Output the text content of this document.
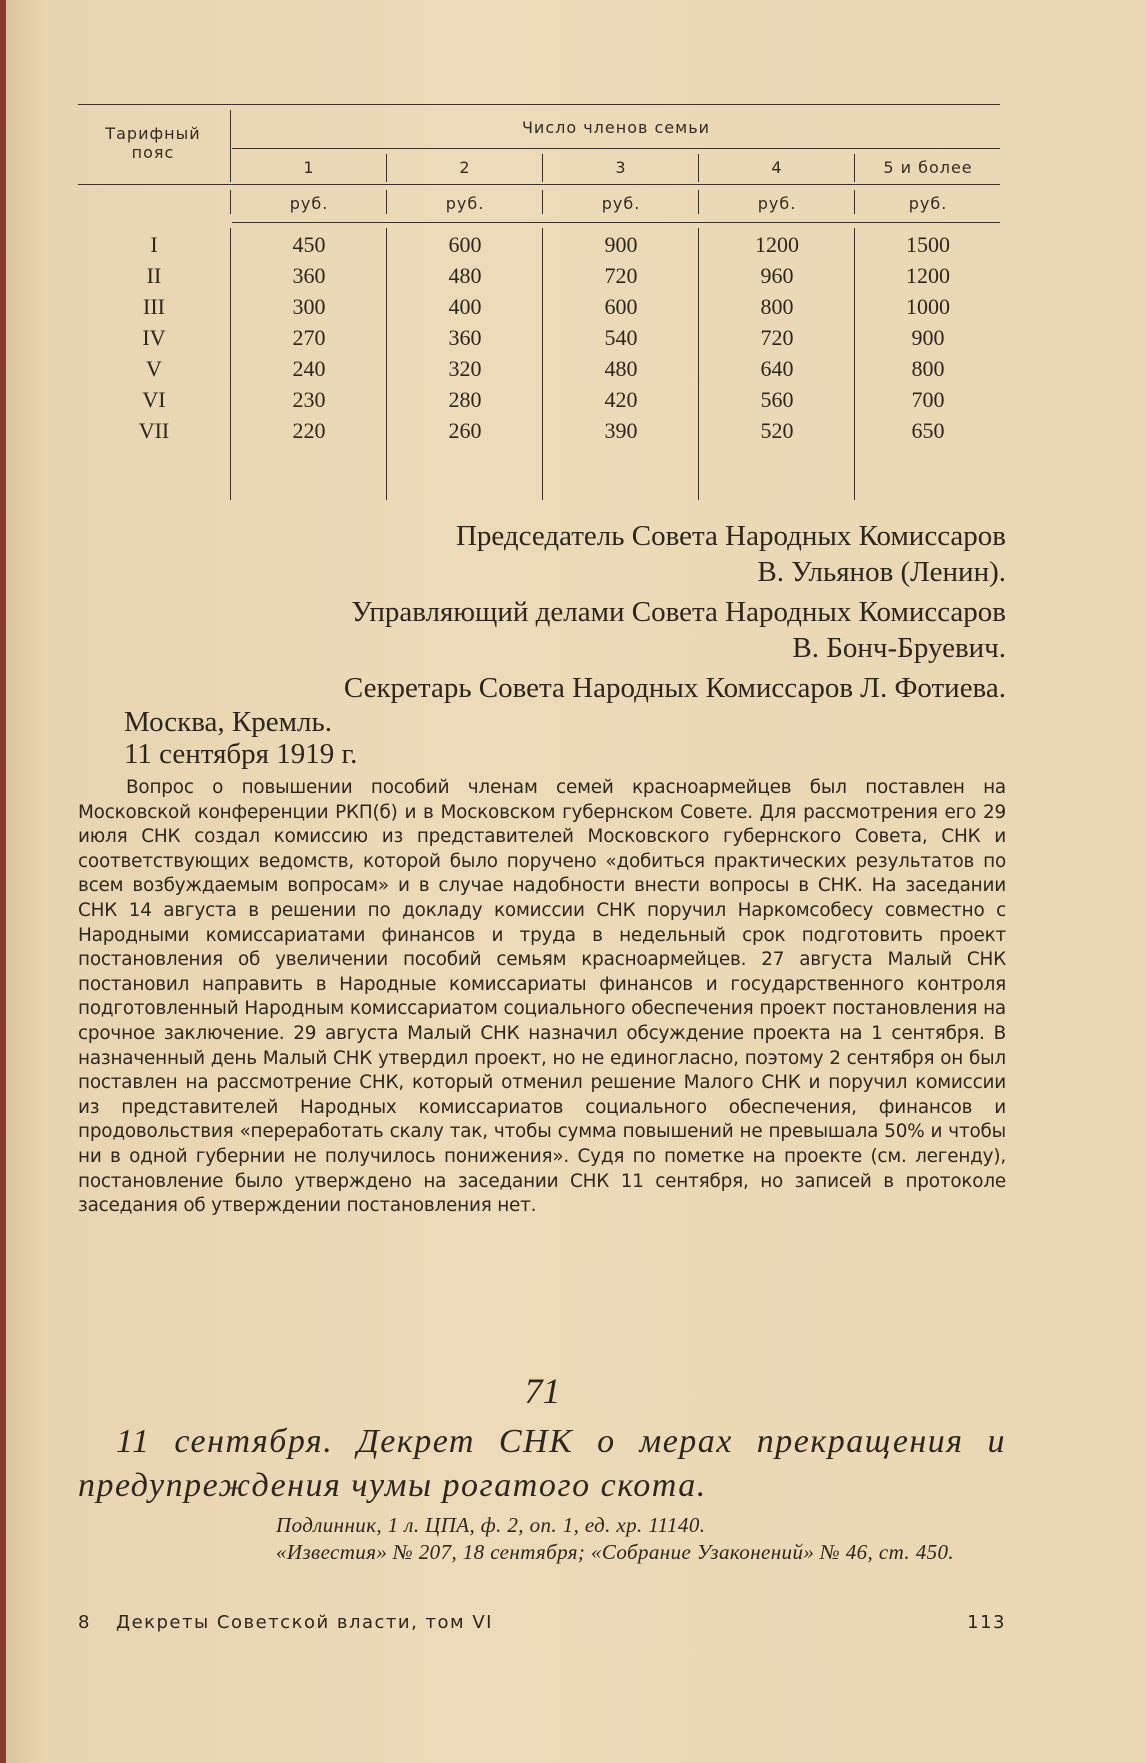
Тарифный
пояс
Число членов семьи
1	2	3	4	5 и более
руб.	руб.	руб.	руб.	руб.
I	450	600	900	1200	1500
II	360	480	720	960	1200
III	300	400	600	800	1000
IV	270	360	540	720	900
V	240	320	480	640	800
VI	230	280	420	560	700
VII	220	260	390	520	650
Председатель Совета Народных Комиссаров
В. Ульянов (Ленин).
Управляющий делами Совета Народных Комиссаров
В. Бонч-Бруевич.
Секретарь Совета Народных Комиссаров Л. Фотиева.
Москва, Кремль.
11 сентября 1919 г.

Вопрос о повышении пособий членам семей красноармейцев был поставлен на Московской конференции РКП(б) и в Московском губернском Совете. Для рассмотрения его 29 июля СНК создал комиссию из представителей Московского губернского Совета, СНК и соответствующих ведомств, которой было поручено «добиться практических результатов по всем возбуждаемым вопросам» и в случае надобности внести вопросы в СНК. На заседании СНК 14 августа в решении по докладу комиссии СНК поручил Наркомсобесу совместно с Народными комиссариатами финансов и труда в недельный срок подготовить проект постановления об увеличении пособий семьям красноармейцев. 27 августа Малый СНК постановил направить в Народные комиссариаты финансов и государственного контроля подготовленный Народным комиссариатом социального обеспечения проект постановления на срочное заключение. 29 августа Малый СНК назначил обсуждение проекта на 1 сентября. В назначенный день Малый СНК утвердил проект, но не единогласно, поэтому 2 сентября он был поставлен на рассмотрение СНК, который отменил решение Малого СНК и поручил комиссии из представителей Народных комиссариатов социального обеспечения, финансов и продовольствия «переработать скалу так, чтобы сумма повышений не превышала 50% и чтобы ни в одной губернии не получилось понижения». Судя по пометке на проекте (см. легенду), постановление было утверждено на заседании СНК 11 сентября, но записей в протоколе заседания об утверждении постановления нет.

71

11 сентября. Декрет СНК о мерах прекращения и предупреждения чумы рогатого скота.

Подлинник, 1 л. ЦПА, ф. 2, оп. 1, ед. хр. 11140.
«Известия» № 207, 18 сентября; «Собрание Узаконений» № 46, ст. 450.
8 Декреты Советской власти, том VI	113
